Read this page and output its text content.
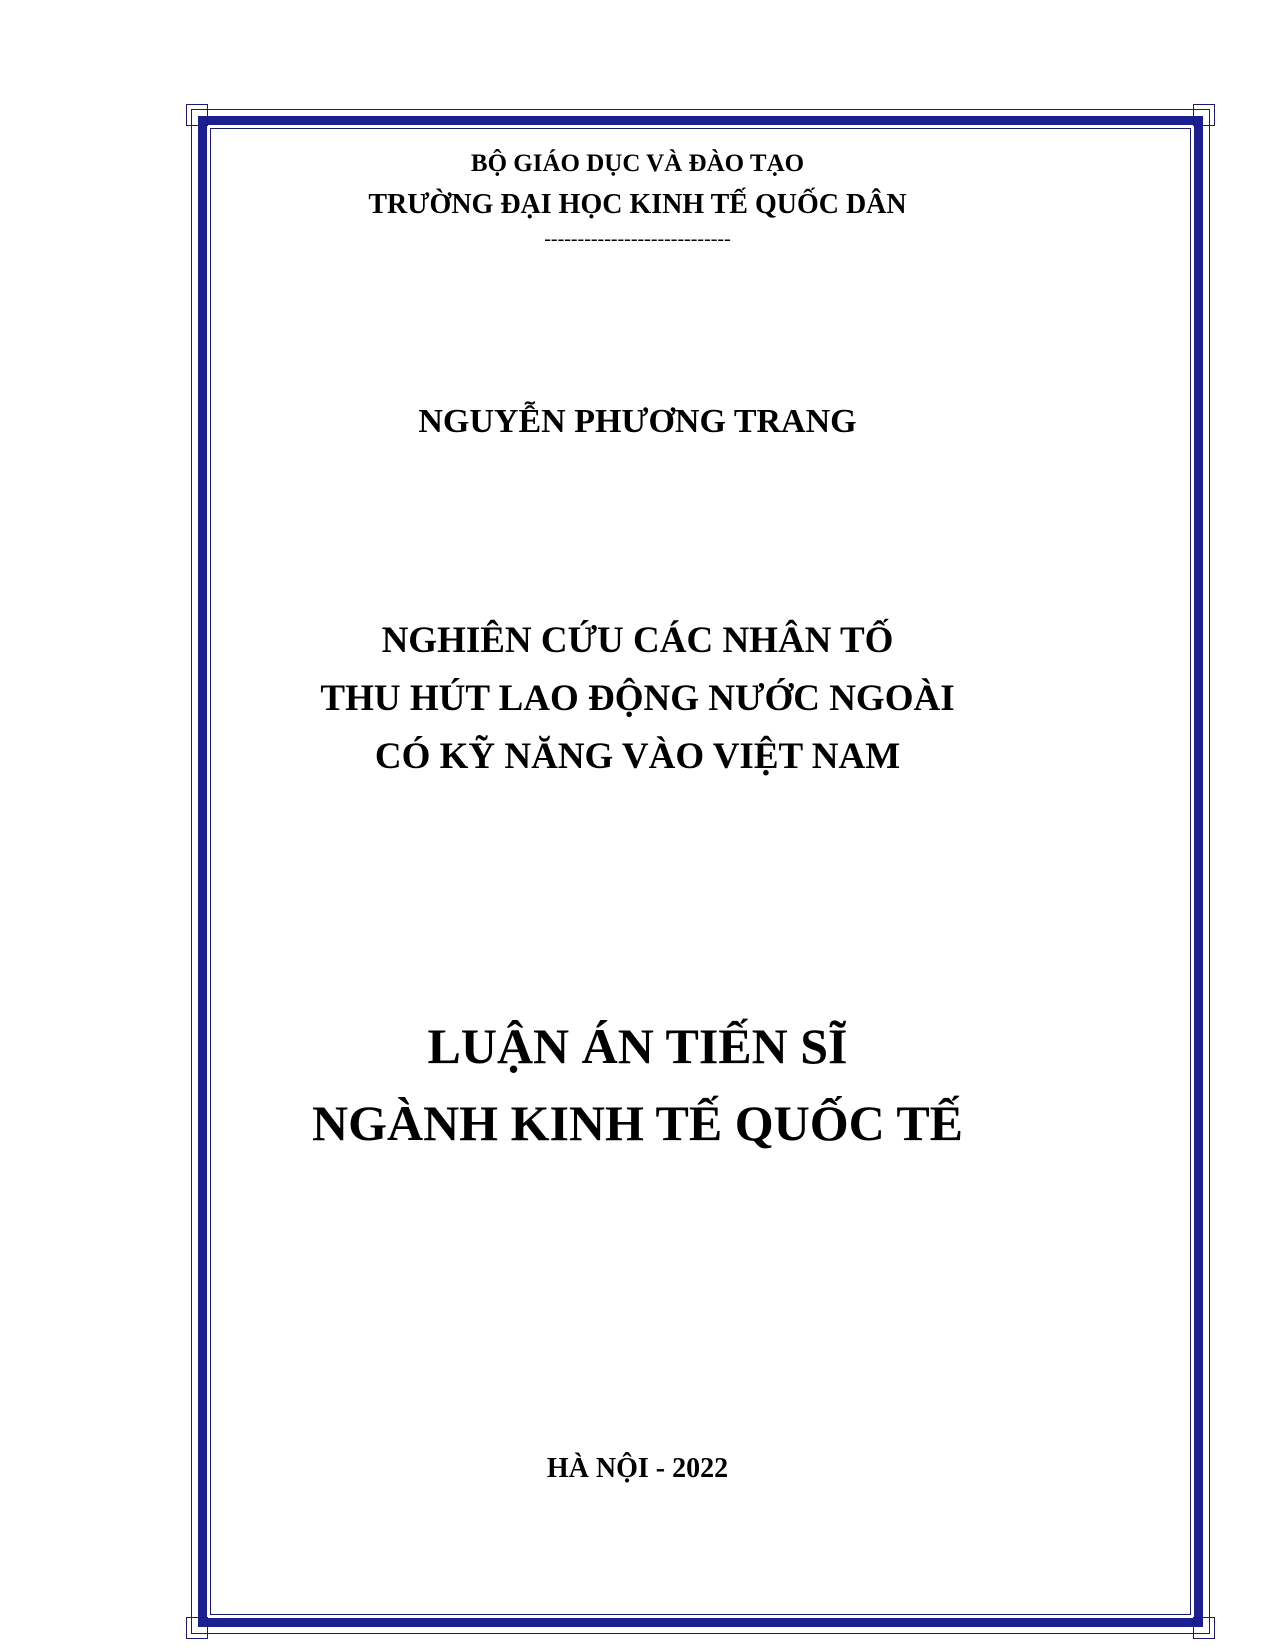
BỘ GIÁO DỤC VÀ ĐÀO TẠO
TRƯỜNG ĐẠI HỌC KINH TẾ QUỐC DÂN
----------------------------
NGUYỄN PHƯƠNG TRANG
NGHIÊN CỨU CÁC NHÂN TỐ
THU HÚT LAO ĐỘNG NƯỚC NGOÀI
CÓ KỸ NĂNG VÀO VIỆT NAM
LUẬN ÁN TIẾN SĨ
NGÀNH KINH TẾ QUỐC TẾ
HÀ NỘI - 2022
